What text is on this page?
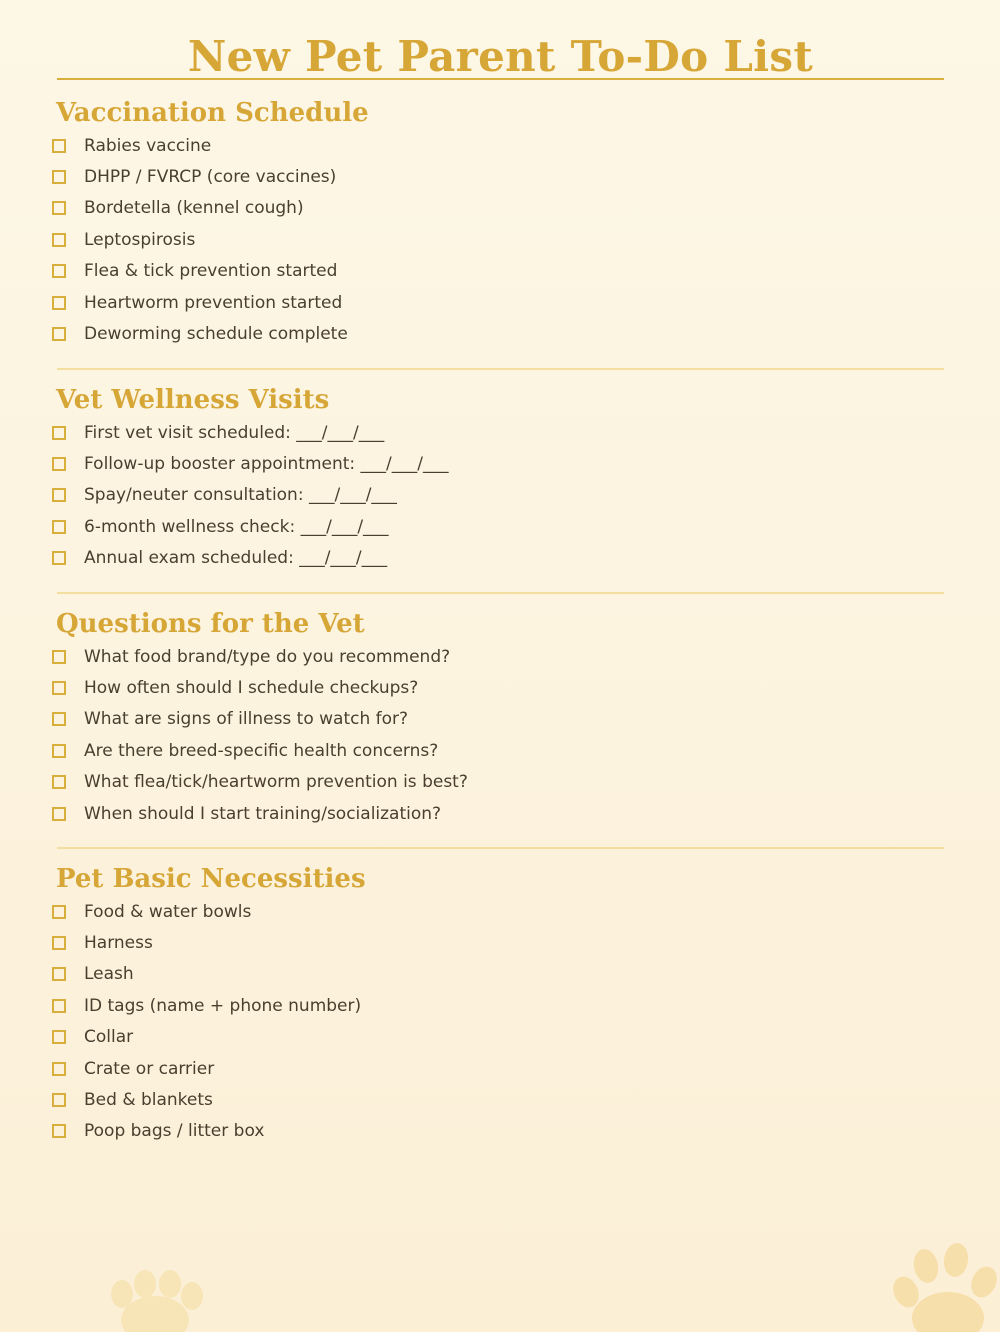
New Pet Parent To-Do List
Vaccination Schedule
Rabies vaccine
DHPP / FVRCP (core vaccines)
Bordetella (kennel cough)
Leptospirosis
Flea & tick prevention started
Heartworm prevention started
Deworming schedule complete
Vet Wellness Visits
First vet visit scheduled: ___/___/___
Follow-up booster appointment: ___/___/___
Spay/neuter consultation: ___/___/___
6-month wellness check: ___/___/___
Annual exam scheduled: ___/___/___
Questions for the Vet
What food brand/type do you recommend?
How often should I schedule checkups?
What are signs of illness to watch for?
Are there breed-specific health concerns?
What flea/tick/heartworm prevention is best?
When should I start training/socialization?
Pet Basic Necessities
Food & water bowls
Harness
Leash
ID tags (name + phone number)
Collar
Crate or carrier
Bed & blankets
Poop bags / litter box
